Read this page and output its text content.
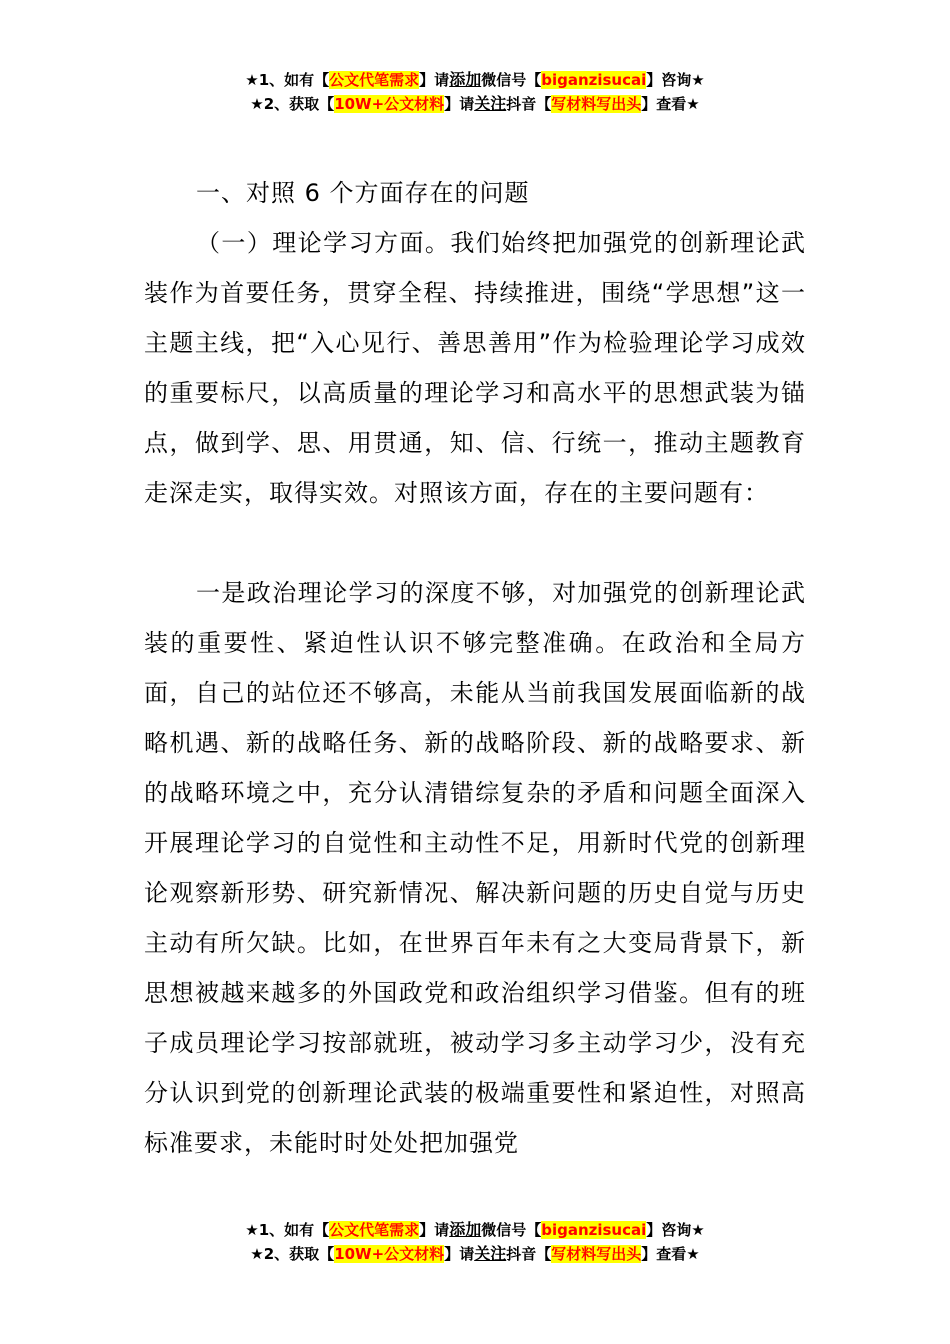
★1、如有【公文代笔需求】请添加微信号【biganzisucai】咨询★
★2、获取【10W+公文材料】请关注抖音【写材料写出头】查看★

一、对照 6 个方面存在的问题

（一）理论学习方面。我们始终把加强党的创新理论武装作为首要任务，贯穿全程、持续推进，围绕“学思想”这一主题主线，把“入心见行、善思善用”作为检验理论学习成效的重要标尺，以高质量的理论学习和高水平的思想武装为锚点，做到学、思、用贯通，知、信、行统一，推动主题教育走深走实，取得实效。对照该方面，存在的主要问题有：

一是政治理论学习的深度不够，对加强党的创新理论武装的重要性、紧迫性认识不够完整准确。在政治和全局方面，自己的站位还不够高，未能从当前我国发展面临新的战略机遇、新的战略任务、新的战略阶段、新的战略要求、新的战略环境之中，充分认清错综复杂的矛盾和问题全面深入开展理论学习的自觉性和主动性不足，用新时代党的创新理论观察新形势、研究新情况、解决新问题的历史自觉与历史主动有所欠缺。比如，在世界百年未有之大变局背景下，新思想被越来越多的外国政党和政治组织学习借鉴。但有的班子成员理论学习按部就班，被动学习多主动学习少，没有充分认识到党的创新理论武装的极端重要性和紧迫性，对照高标准要求，未能时时处处把加强党

★1、如有【公文代笔需求】请添加微信号【biganzisucai】咨询★
★2、获取【10W+公文材料】请关注抖音【写材料写出头】查看★
